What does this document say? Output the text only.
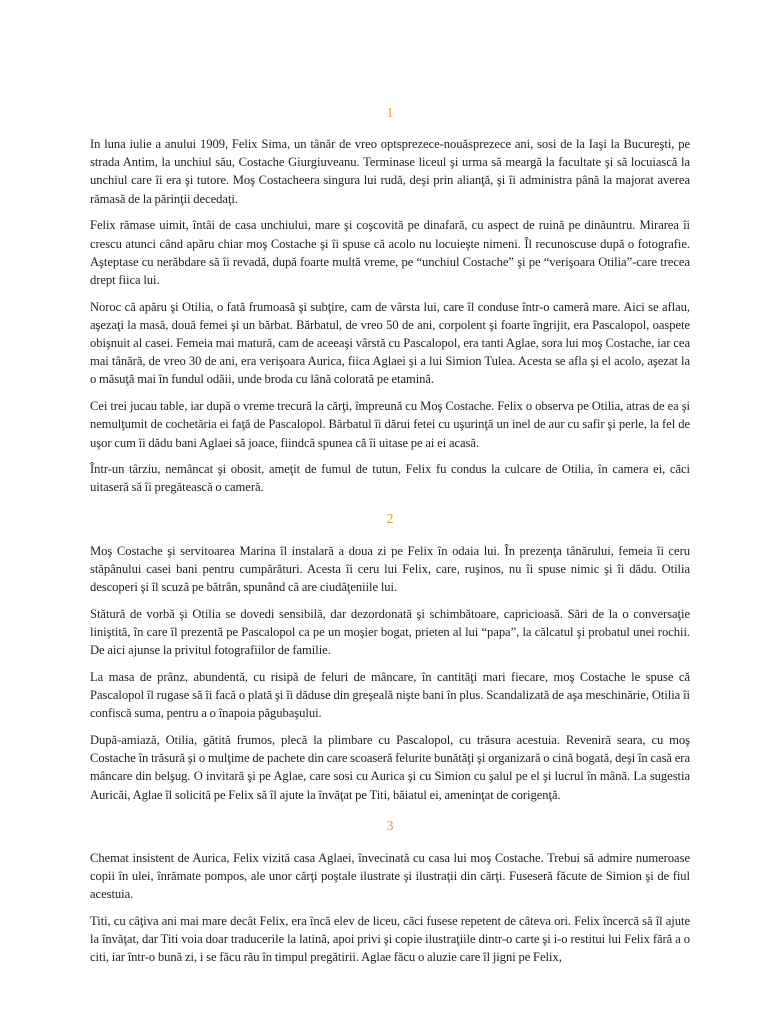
1

In luna iulie a anului 1909, Felix Sima, un tânăr de vreo optsprezece-nouăsprezece ani, sosi de la Iaşi la Bucureşti, pe strada Antim, la unchiul său, Costache Giurgiuveanu. Terminase liceul şi urma să meargă la facultate şi să locuiască la unchiul care îi era şi tutore. Moş Costacheera singura lui rudă, deşi prin alianţă, şi îi administra până la majorat averea rămasă de la părinţii decedaţi.

Felix rămase uimit, întâi de casa unchiului, mare şi coşcovită pe dinafară, cu aspect de ruină pe dinăuntru. Mirarea îi crescu atunci când apăru chiar moş Costache şi îi spuse că acolo nu locuieşte nimeni. Îl recunoscuse după o fotografie. Aşteptase cu nerăbdare să îi revadă, după foarte multă vreme, pe “unchiul Costache” şi pe “verişoara Otilia”-care trecea drept fiica lui.

Noroc că apăru şi Otilia, o fată frumoasă şi subţire, cam de vârsta lui, care îl conduse într-o cameră mare. Aici se aflau, aşezaţi la masă, două femei şi un bărbat. Bărbatul, de vreo 50 de ani, corpolent şi foarte îngrijit, era Pascalopol, oaspete obişnuit al casei. Femeia mai matură, cam de aceeaşi vârstă cu Pascalopol, era tanti Aglae, sora lui moş Costache, iar cea mai tânără, de vreo 30 de ani, era verişoara Aurica, fiica Aglaei şi a lui Simion Tulea. Acesta se afla şi el acolo, aşezat la o măsuţă mai în fundul odăii, unde broda cu lână colorată pe etamină.

Cei trei jucau table, iar după o vreme trecură la cărţi, împreună cu Moş Costache. Felix o observa pe Otilia, atras de ea şi nemulţumit de cochetăria ei faţă de Pascalopol. Bărbatul îi dărui fetei cu uşurinţă un inel de aur cu safir şi perle, la fel de uşor cum îi dădu bani Aglaei să joace, fiindcă spunea că îi uitase pe ai ei acasă.

Într-un târziu, nemâncat şi obosit, ameţit de fumul de tutun, Felix fu condus la culcare de Otilia, în camera ei, căci uitaseră să îi pregătească o cameră.

2

Moş Costache şi servitoarea Marina îl instalară a doua zi pe Felix în odaia lui. În prezenţa tânărului, femeia îi ceru stăpânului casei bani pentru cumpărături. Acesta îi ceru lui Felix, care, ruşinos, nu îi spuse nimic şi îi dădu. Otilia descoperi şi îl scuză pe bătrân, spunând că are ciudăţeniile lui.

Stătură de vorbă şi Otilia se dovedi sensibilă, dar dezordonată şi schimbătoare, capricioasă. Sări de la o conversaţie liniştită, în care îl prezentă pe Pascalopol ca pe un moşier bogat, prieten al lui “papa”, la călcatul şi probatul unei rochii. De aici ajunse la privitul fotografiilor de familie.

La masa de prânz, abundentă, cu risipă de feluri de mâncare, în cantităţi mari fiecare, moş Costache le spuse că Pascalopol îl rugase să îi facă o plată şi îi dăduse din greşeală nişte bani în plus. Scandalizată de aşa meschinărie, Otilia îi confiscă suma, pentru a o înapoia păgubaşului.

După-amiază, Otilia, gătită frumos, plecă la plimbare cu Pascalopol, cu trăsura acestuia. Reveniră seara, cu moş Costache în trăsură şi o mulţime de pachete din care scoaseră felurite bunătăţi şi organizară o cină bogată, deşi în casă era mâncare din belşug. O invitară şi pe Aglae, care sosi cu Aurica şi cu Simion cu şalul pe el şi lucrul în mână. La sugestia Auricăi, Aglae îl solicită pe Felix să îl ajute la învăţat pe Titi, băiatul ei, ameninţat de corigenţă.

3

Chemat insistent de Aurica, Felix vizită casa Aglaei, învecinată cu casa lui moş Costache. Trebui să admire numeroase copii în ulei, înrămate pompos, ale unor cărţi poştale ilustrate şi ilustraţii din cărţi. Fuseseră făcute de Simion şi de fiul acestuia.

Titi, cu câţiva ani mai mare decât Felix, era încă elev de liceu, căci fusese repetent de câteva ori. Felix încercă să îl ajute la învăţat, dar Titi voia doar traducerile la latină, apoi privi şi copie ilustraţiile dintr-o carte şi i-o restitui lui Felix fără a o citi, iar într-o bună zi, i se făcu rău în timpul pregătirii. Aglae făcu o aluzie care îl jigni pe Felix,
